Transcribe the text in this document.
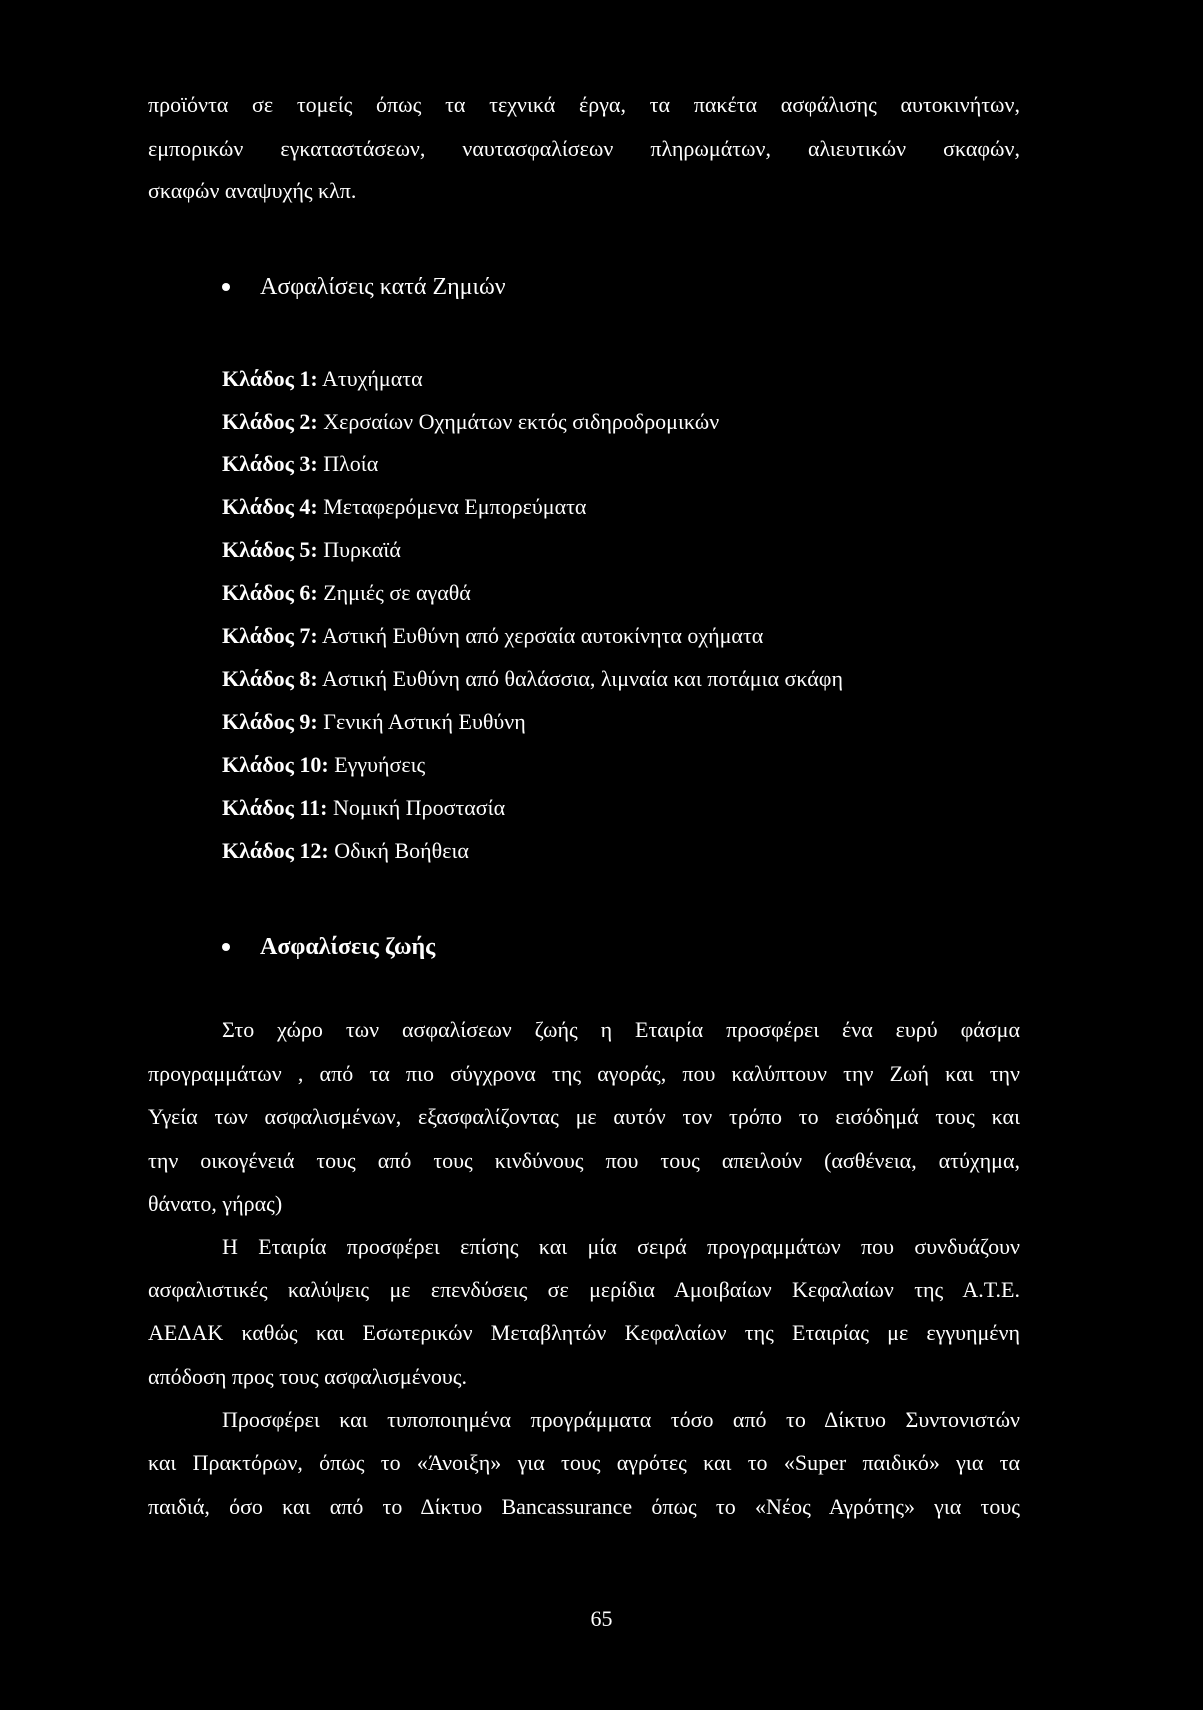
προϊόντα σε τομείς όπως τα τεχνικά έργα, τα πακέτα ασφάλισης αυτοκινήτων,
εμπορικών εγκαταστάσεων, ναυτασφαλίσεων πληρωμάτων, αλιευτικών σκαφών,
σκαφών αναψυχής κλπ.
Ασφαλίσεις κατά Ζημιών
Κλάδος 1: Ατυχήματα
Κλάδος 2: Χερσαίων Οχημάτων εκτός σιδηροδρομικών
Κλάδος 3: Πλοία
Κλάδος 4: Μεταφερόμενα Εμπορεύματα
Κλάδος 5: Πυρκαϊά
Κλάδος 6: Ζημιές σε αγαθά
Κλάδος 7: Αστική Ευθύνη από χερσαία αυτοκίνητα οχήματα
Κλάδος 8: Αστική Ευθύνη από θαλάσσια, λιμναία και ποτάμια σκάφη
Κλάδος 9: Γενική Αστική Ευθύνη
Κλάδος 10: Εγγυήσεις
Κλάδος 11: Νομική Προστασία
Κλάδος 12: Οδική Βοήθεια
Ασφαλίσεις ζωής
Στο χώρο των ασφαλίσεων ζωής η Εταιρία προσφέρει ένα ευρύ φάσμα
προγραμμάτων , από τα πιο σύγχρονα της αγοράς, που καλύπτουν την Ζωή και την
Υγεία των ασφαλισμένων, εξασφαλίζοντας με αυτόν τον τρόπο το εισόδημά τους και
την οικογένειά τους από τους κινδύνους που τους απειλούν (ασθένεια, ατύχημα,
θάνατο, γήρας)
Η Εταιρία προσφέρει επίσης και μία σειρά προγραμμάτων που συνδυάζουν
ασφαλιστικές καλύψεις με επενδύσεις σε μερίδια Αμοιβαίων Κεφαλαίων της Α.Τ.Ε.
ΑΕΔΑΚ καθώς και Εσωτερικών Μεταβλητών Κεφαλαίων της Εταιρίας με εγγυημένη
απόδοση προς τους ασφαλισμένους.
Προσφέρει και τυποποιημένα προγράμματα τόσο από το Δίκτυο Συντονιστών
και Πρακτόρων, όπως το «Άνοιξη» για τους αγρότες και το «Super παιδικό» για τα
παιδιά, όσο και από το Δίκτυο Bancassurance όπως το «Νέος Αγρότης» για τους
65
